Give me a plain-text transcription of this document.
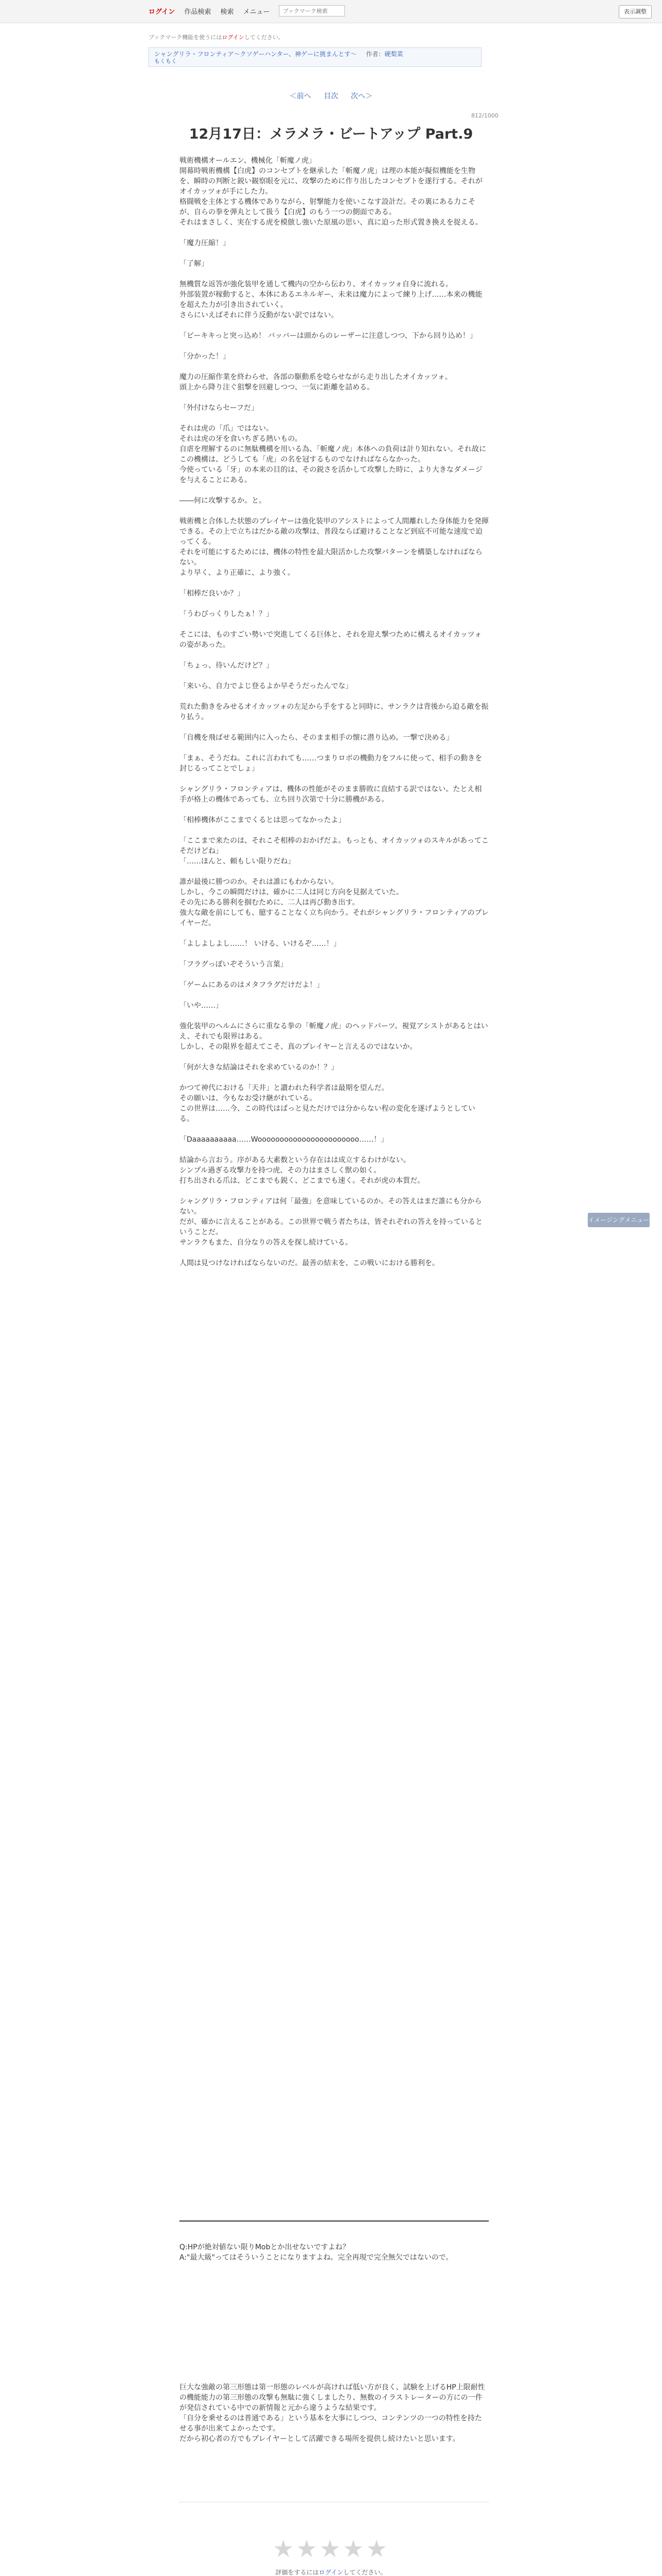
ログイン 作品検索 検索 メニュー
ブックマーク検索	表示調整
ブックマーク機能を使うにはログインしてください。
シャングリラ・フロンティア〜クソゲーハンター、神ゲーに挑まんとす〜 作者：硬梨菜
もくもく
＜前へ 目次 次へ＞
812/1000
12月17日：メラメラ・ビートアップ Part.9

戦術機構オールエン、機械化「斬魔ノ虎」
開幕時戦術機構【白虎】のコンセプトを継承した「斬魔ノ虎」は理の本能が擬似機能を生物を、瞬時の判断と鋭い観察眼を元に、攻撃のために作り出したコンセプトを遂行する。それがオイカッツォが手にした力。
格闘戦を主体とする機体でありながら、射撃能力を使いこなす設計だ。その裏にある力こそが、自らの拳を弾丸として扱う【白虎】のもう一つの側面である。
それはまさしく、実在する虎を模倣し強いた原風の思い、真に迫った形式置き換えを捉える。

「魔力圧縮！」

「了解」

無機質な返答が強化装甲を通して機内の空から伝わり、オイカッツォ自身に流れる。
外部装置が稼動すると、本体にあるエネルギー、未来は魔力によって練り上げ……本来の機能を超えた力が引き出されていく。
さらにいえばそれに伴う反動がない訳ではない。

「ビーキキっと突っ込め！ バッバーは頭からのレーザーに注意しつつ、下から回り込め！」

「分かった！」

魔力の圧縮作業を終わらせ、各部の駆動系を唸らせながら走り出したオイカッツォ。
頭上から降り注ぐ狙撃を回避しつつ、一気に距離を詰める。

「外付けならセーフだ」

それは虎の「爪」ではない。
それは虎の牙を食いちぎる熱いもの。
自虐を理解するのに無駄機構を用いる為、「斬魔ノ虎」本体への負荷は計り知れない。それ故にこの機構は、どうしても「虎」の名を冠するものでなければならなかった。
今使っている「牙」の本来の目的は、その鋭さを活かして攻撃した時に、より大きなダメージを与えることにある。

――何に攻撃するか。と。

戦術機と合体した状態のプレイヤーは強化装甲のアシストによって人間離れした身体能力を発揮できる。その上で立ちはだかる敵の攻撃は、普段ならば避けることなど到底不可能な速度で迫ってくる。
それを可能にするためには、機体の特性を最大限活かした攻撃パターンを構築しなければならない。
より早く、より正確に、より強く。

「相棒だ良いか？」

「うわびっくりしたぁ！？」

そこには、ものすごい勢いで突進してくる巨体と、それを迎え撃つために構えるオイカッツォの姿があった。

「ちょっ、待いんだけど？」

「来いら、自力でよじ登るよか早そうだったんでな」

荒れた動きをみせるオイカッツォの左足から手をすると同時に、サンラクは背後から迫る敵を振り払う。

「自機を飛ばせる範囲内に入ったら、そのまま相手の懐に潜り込め。一撃で決める」

「まぁ、そうだね。これに言われても……つまりロボの機動力をフルに使って、相手の動きを封じるってことでしょ」

シャングリラ・フロンティアは、機体の性能がそのまま勝敗に直結する訳ではない。たとえ相手が格上の機体であっても、立ち回り次第で十分に勝機がある。

「相棒機体がここまでくるとは思ってなかったよ」

「ここまで来たのは、それこそ相棒のおかげだよ。もっとも、オイカッツォのスキルがあってこそだけどね」
「……ほんと、頼もしい限りだね」

誰が最後に勝つのか。それは誰にもわからない。
しかし、今この瞬間だけは、確かに二人は同じ方向を見据えていた。
その先にある勝利を掴むために、二人は再び動き出す。
強大な敵を前にしても、臆することなく立ち向かう。それがシャングリラ・フロンティアのプレイヤーだ。

「よしよしよし……！ いける、いけるぞ……！」

「フラグっぽいぞそういう言葉」

「ゲームにあるのはメタフラグだけだよ！」

「いや……」

強化装甲のヘルムにさらに重なる拳の「斬魔ノ虎」のヘッドパーツ。視覚アシストがあるとはいえ、それでも限界はある。
しかし、その限界を超えてこそ、真のプレイヤーと言えるのではないか。

「何が大きな結論はそれを求めているのか！？」

かつて神代における「天井」と讃われた科学者は最期を望んだ。
その願いは、今もなお受け継がれている。
この世界は……今、この時代はぱっと見ただけでは分からない程の変化を遂げようとしている。

「Daaaaaaaaaa……Wooooooooooooooooooooooo……！」

結論から言おう。序がある大素数という存在はは成立するわけがない。
シンプル過ぎる攻撃力を持つ虎、その力はまさしく獣の如く。
打ち出される爪は、どこまでも鋭く、どこまでも速く。それが虎の本質だ。

シャングリラ・フロンティアは何「最強」を意味しているのか。その答えはまだ誰にも分からない。
だが、確かに言えることがある。この世界で戦う者たちは、皆それぞれの答えを持っているということだ。
サンラクもまた、自分なりの答えを探し続けている。

人間は見つけなければならないのだ。最善の結末を、この戦いにおける勝利を。

イメージングメニュー

Q:HPが絶対値ない限りMobとか出せないですよね？

A:"最大級"ってはそういうことになりますよね。完全再現で完全無欠ではないので。

巨大な強敵の第三形態は第一形態のレベルが高ければ低い方が良く、試験を上げるHP上限耐性の機能能力の第三形態の攻撃も無駄に強くしましたり、無数のイラストレーターの方にの一件が発信されている中での新情報と元から違うような結果です。

「自分を乗せるのは普通である」という基本を大事にしつつ、コンテンツの一つの特性を持たせる事が出来てよかったです。

だから初心者の方でもプレイヤーとして活躍できる場所を提供し続けたいと思います。

★★★★★
評価をするにはログインしてください。
